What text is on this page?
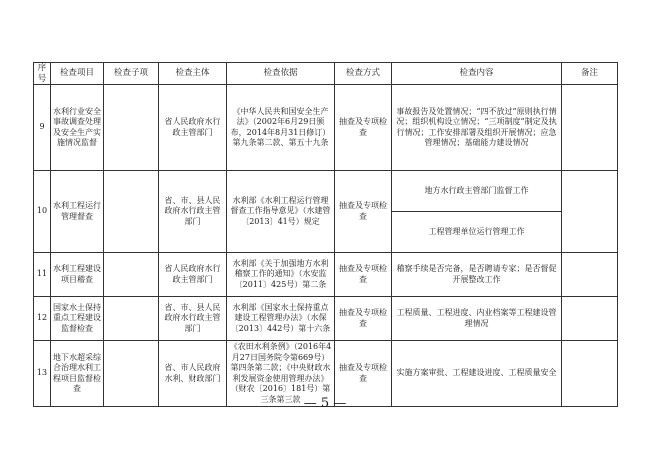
序号	检查项目	检查子项	检查主体	检查依据	检查方式	检查内容	备注
9	水利行业安全事故调查处理及安全生产实施情况监督		省人民政府水行政主管部门	《中华人民共和国安全生产法》（2002年6月29日颁布，2014年8月31日修订）第九条第二款、第五十九条	抽查及专项检查	事故报告及处置情况；“四不放过”原则执行情况；组织机构设立情况；“三项制度”制定及执行情况；工作安排部署及组织开展情况；应急管理情况；基础能力建设情况	
10	水利工程运行管理督查		省、市、县人民政府水行政主管部门	水利部《水利工程运行管理督查工作指导意见》（水建管〔2013〕41号）规定	抽查及专项检查	地方水行政主管部门监督工作	
						工程管理单位运行管理工作	
11	水利工程建设项目稽查		省人民政府水行政主管部门	水利部《关于加强地方水利稽察工作的通知》（水安监〔2011〕425号）第二条	抽查及专项检查	稽察手续是否完备，是否聘请专家；是否督促开展整改工作	
12	国家水土保持重点工程建设监督检查		省、市、县人民政府水行政主管部门	水利部《国家水土保持重点建设工程管理办法》（水保〔2013〕442号）第十六条	抽查及专项检查	工程质量、工程进度、内业档案等工程建设管理情况	
13	地下水超采综合治理水利工程项目监督检查		省、市人民政府水利、财政部门	《农田水利条例》（2016年4月27日国务院令第669号）第四条第二款；《中央财政水利发展资金使用管理办法》（财农〔2016〕181号）第三条第三款	抽查及专项检查	实施方案审批、工程建设进度、工程质量安全	
— 5 —
